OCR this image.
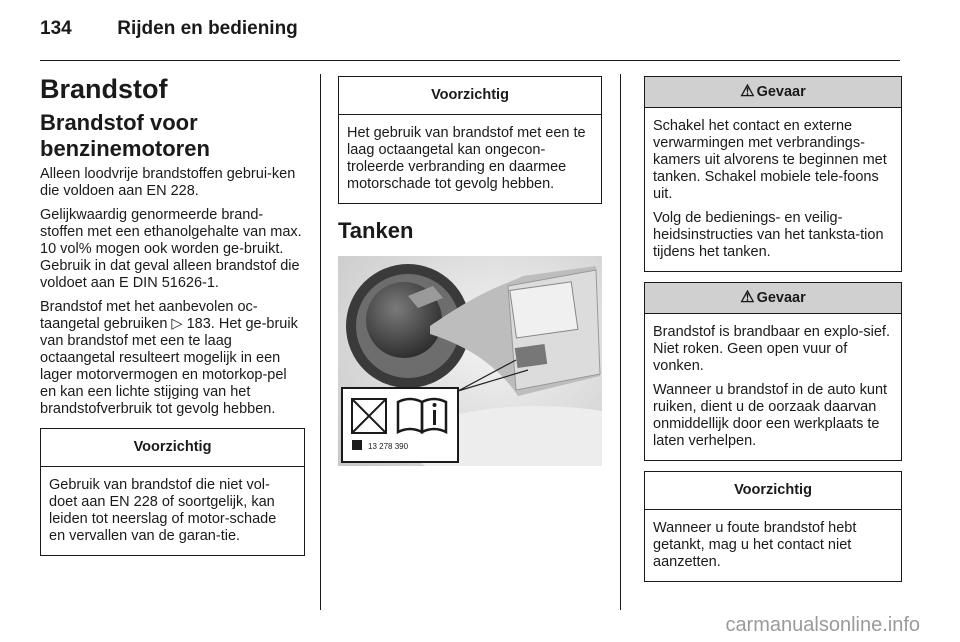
134 Rijden en bediening
Brandstof
Brandstof voor benzinemotoren

Alleen loodvrije brandstoffen gebrui-ken die voldoen aan EN 228.

Gelijkwaardig genormeerde brand-stoffen met een ethanolgehalte van max. 10 vol% mogen ook worden ge-bruikt. Gebruik in dat geval alleen brandstof die voldoet aan E DIN 51626-1.

Brandstof met het aanbevolen oc-taangetal gebruiken ▷ 183. Het ge-bruik van brandstof met een te laag octaangetal resulteert mogelijk in een lager motorvermogen en motorkop-pel en kan een lichte stijging van het brandstofverbruik tot gevolg hebben.

Voorzichtig

Gebruik van brandstof die niet vol-doet aan EN 228 of soortgelijk, kan leiden tot neerslag of motor-schade en vervallen van de garan-tie.

Voorzichtig

Het gebruik van brandstof met een te laag octaangetal kan ongecon-troleerde verbranding en daarmee motorschade tot gevolg hebben.

Tanken
13 278 390
⚠ Gevaar

Schakel het contact en externe verwarmingen met verbrandings-kamers uit alvorens te beginnen met tanken. Schakel mobiele tele-foons uit.

Volg de bedienings- en veilig-heidsinstructies van het tanksta-tion tijdens het tanken.

⚠ Gevaar

Brandstof is brandbaar en explo-sief. Niet roken. Geen open vuur of vonken.

Wanneer u brandstof in de auto kunt ruiken, dient u de oorzaak daarvan onmiddellijk door een werkplaats te laten verhelpen.

Voorzichtig

Wanneer u foute brandstof hebt getankt, mag u het contact niet aanzetten.

carmanualsonline.info
